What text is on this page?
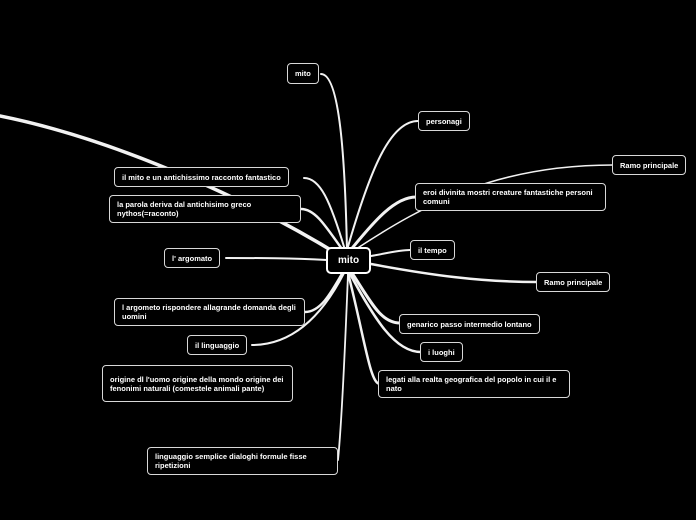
mito
mito
personagi
Ramo principale
eroi divinita mostri creature fantastiche personi comuni
il tempo
Ramo principale
genarico passo intermedio lontano
i luoghi
legati alla realta geografica del popolo in cui il e nato
il mito e un antichissimo racconto fantastico
la parola deriva dal antichisimo greco nythos(=raconto)
l' argomato
l argometo rispondere allagrande domanda degli uomini
il linguaggio
origine dl l'uomo origine della mondo origine dei fenonimi naturali (comestele animali pante)
linguaggio semplice dialoghi formule fisse ripetizioni
